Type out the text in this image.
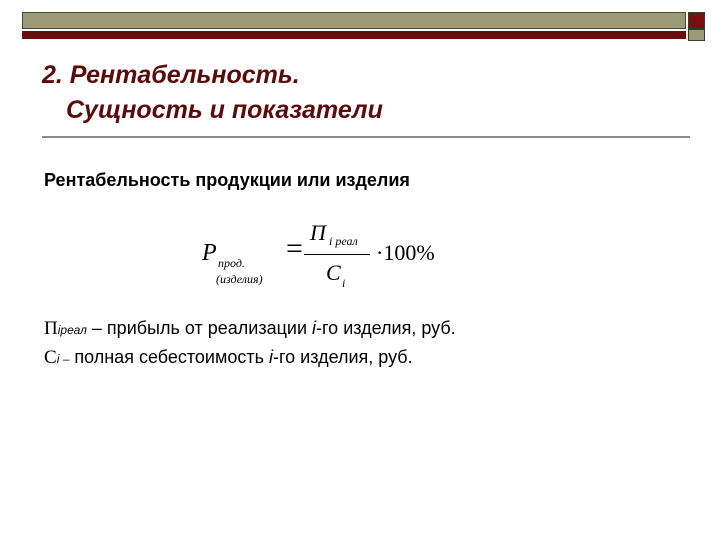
2. Рентабельность.
Сущность и показатели
Рентабельность продукции или изделия
P прод.
(изделия)
= П i реал
C i
·100%
Пiреал – прибыль от реализации i-го изделия, руб.
Сi – полная себестоимость i-го изделия, руб.
